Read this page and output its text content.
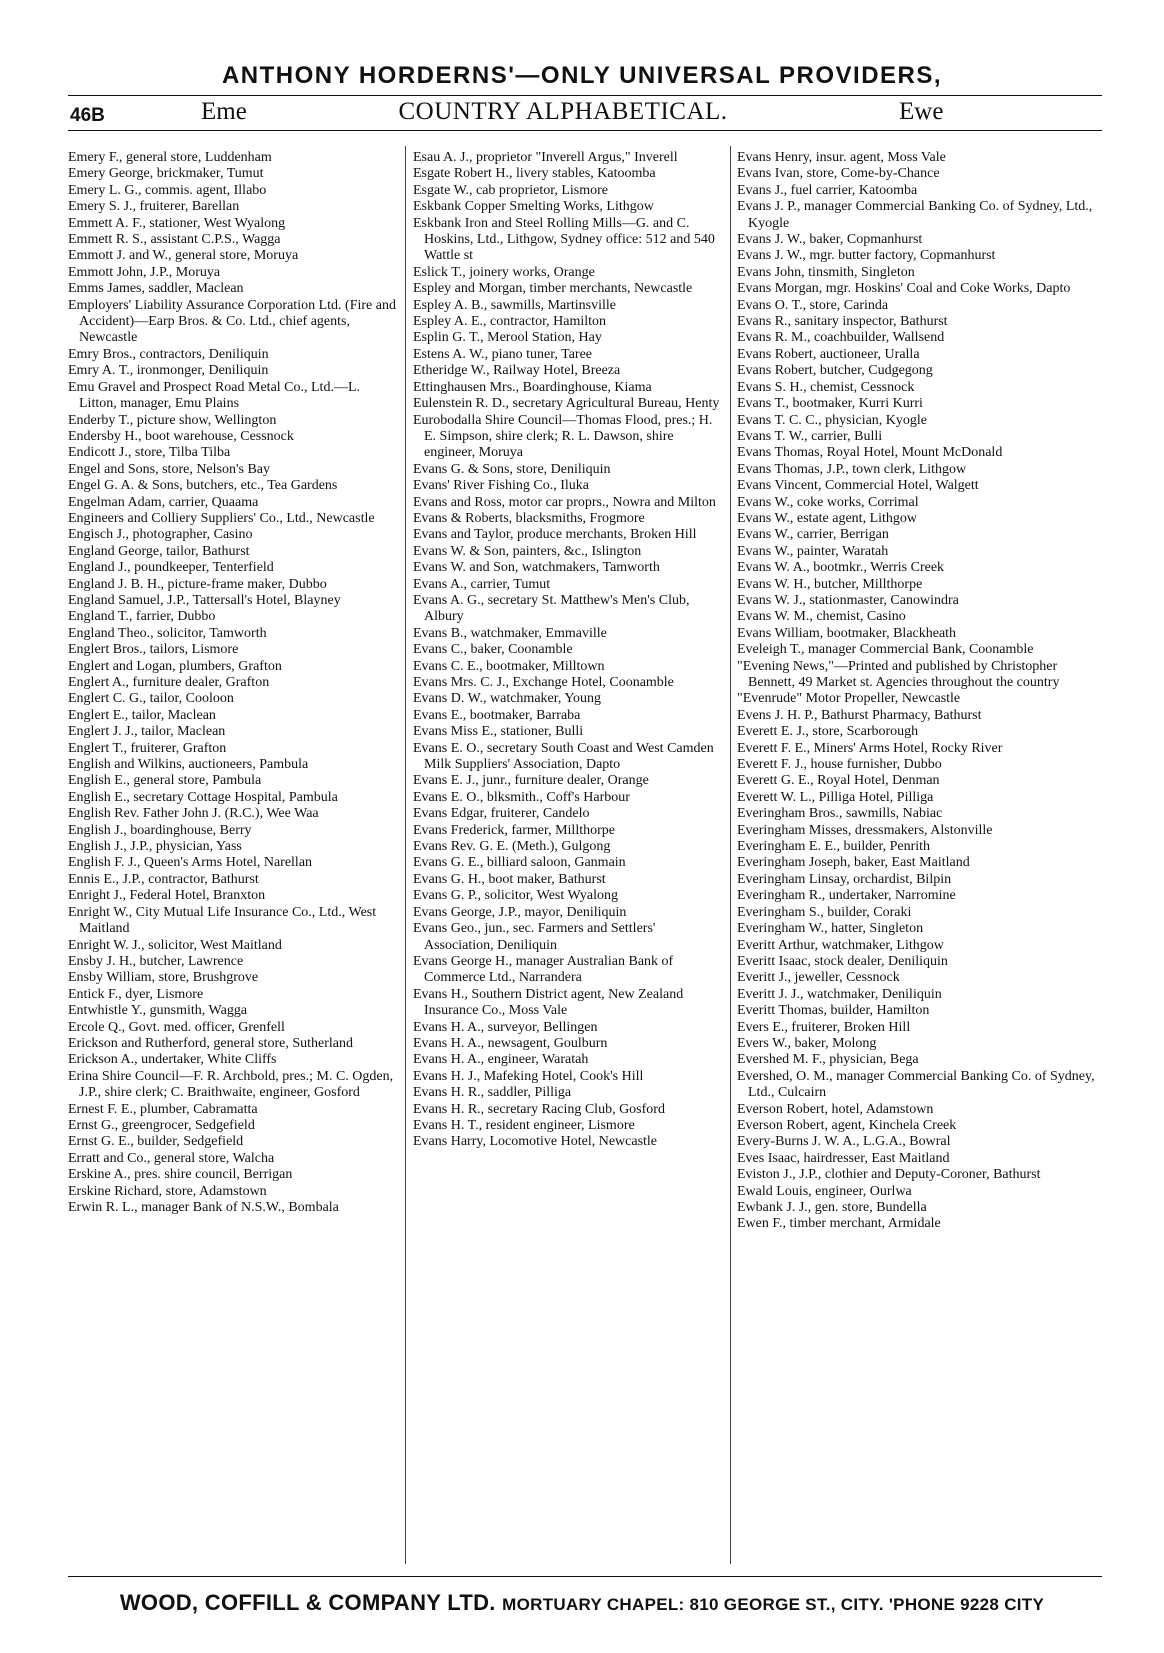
ANTHONY HORDERNS'—ONLY UNIVERSAL PROVIDERS,
46B	Eme	COUNTRY ALPHABETICAL.	Ewe

Emery F., general store, Luddenham

Emery George, brickmaker, Tumut

Emery L. G., commis. agent, Illabo

Emery S. J., fruiterer, Barellan

Emmett A. F., stationer, West Wyalong

Emmett R. S., assistant C.P.S., Wagga

Emmott J. and W., general store, Moruya

Emmott John, J.P., Moruya

Emms James, saddler, Maclean

Employers' Liability Assurance Corporation Ltd. (Fire and Accident)—Earp Bros. & Co. Ltd., chief agents, Newcastle

Emry Bros., contractors, Deniliquin

Emry A. T., ironmonger, Deniliquin

Emu Gravel and Prospect Road Metal Co., Ltd.—L. Litton, manager, Emu Plains

Enderby T., picture show, Wellington

Endersby H., boot warehouse, Cessnock

Endicott J., store, Tilba Tilba

Engel and Sons, store, Nelson's Bay

Engel G. A. & Sons, butchers, etc., Tea Gardens

Engelman Adam, carrier, Quaama

Engineers and Colliery Suppliers' Co., Ltd., Newcastle

Engisch J., photographer, Casino

England George, tailor, Bathurst

England J., poundkeeper, Tenterfield

England J. B. H., picture-frame maker, Dubbo

England Samuel, J.P., Tattersall's Hotel, Blayney

England T., farrier, Dubbo

England Theo., solicitor, Tamworth

Englert Bros., tailors, Lismore

Englert and Logan, plumbers, Grafton

Englert A., furniture dealer, Grafton

Englert C. G., tailor, Cooloon

Englert E., tailor, Maclean

Englert J. J., tailor, Maclean

Englert T., fruiterer, Grafton

English and Wilkins, auctioneers, Pambula

English E., general store, Pambula

English E., secretary Cottage Hospital, Pambula

English Rev. Father John J. (R.C.), Wee Waa

English J., boardinghouse, Berry

English J., J.P., physician, Yass

English F. J., Queen's Arms Hotel, Narellan

Ennis E., J.P., contractor, Bathurst

Enright J., Federal Hotel, Branxton

Enright W., City Mutual Life Insurance Co., Ltd., West Maitland

Enright W. J., solicitor, West Maitland

Ensby J. H., butcher, Lawrence

Ensby William, store, Brushgrove

Entick F., dyer, Lismore

Entwhistle Y., gunsmith, Wagga

Ercole Q., Govt. med. officer, Grenfell

Erickson and Rutherford, general store, Sutherland

Erickson A., undertaker, White Cliffs

Erina Shire Council—F. R. Archbold, pres.; M. C. Ogden, J.P., shire clerk; C. Braithwaite, engineer, Gosford

Ernest F. E., plumber, Cabramatta

Ernst G., greengrocer, Sedgefield

Ernst G. E., builder, Sedgefield

Erratt and Co., general store, Walcha

Erskine A., pres. shire council, Berrigan

Erskine Richard, store, Adamstown

Erwin R. L., manager Bank of N.S.W., Bombala

Esau A. J., proprietor "Inverell Argus," Inverell

Esgate Robert H., livery stables, Katoomba

Esgate W., cab proprietor, Lismore

Eskbank Copper Smelting Works, Lithgow

Eskbank Iron and Steel Rolling Mills—G. and C. Hoskins, Ltd., Lithgow, Sydney office: 512 and 540 Wattle st

Eslick T., joinery works, Orange

Espley and Morgan, timber merchants, Newcastle

Espley A. B., sawmills, Martinsville

Espley A. E., contractor, Hamilton

Esplin G. T., Merool Station, Hay

Estens A. W., piano tuner, Taree

Etheridge W., Railway Hotel, Breeza

Ettinghausen Mrs., Boardinghouse, Kiama

Eulenstein R. D., secretary Agricultural Bureau, Henty

Eurobodalla Shire Council—Thomas Flood, pres.; H. E. Simpson, shire clerk; R. L. Dawson, shire engineer, Moruya

Evans G. & Sons, store, Deniliquin

Evans' River Fishing Co., Iluka

Evans and Ross, motor car proprs., Nowra and Milton

Evans & Roberts, blacksmiths, Frogmore

Evans and Taylor, produce merchants, Broken Hill

Evans W. & Son, painters, &c., Islington

Evans W. and Son, watchmakers, Tamworth

Evans A., carrier, Tumut

Evans A. G., secretary St. Matthew's Men's Club, Albury

Evans B., watchmaker, Emmaville

Evans C., baker, Coonamble

Evans C. E., bootmaker, Milltown

Evans Mrs. C. J., Exchange Hotel, Coonamble

Evans D. W., watchmaker, Young

Evans E., bootmaker, Barraba

Evans Miss E., stationer, Bulli

Evans E. O., secretary South Coast and West Camden Milk Suppliers' Association, Dapto

Evans E. J., junr., furniture dealer, Orange

Evans E. O., blksmith., Coff's Harbour

Evans Edgar, fruiterer, Candelo

Evans Frederick, farmer, Millthorpe

Evans Rev. G. E. (Meth.), Gulgong

Evans G. E., billiard saloon, Ganmain

Evans G. H., boot maker, Bathurst

Evans G. P., solicitor, West Wyalong

Evans George, J.P., mayor, Deniliquin

Evans Geo., jun., sec. Farmers and Settlers' Association, Deniliquin

Evans George H., manager Australian Bank of Commerce Ltd., Narrandera

Evans H., Southern District agent, New Zealand Insurance Co., Moss Vale

Evans H. A., surveyor, Bellingen

Evans H. A., newsagent, Goulburn

Evans H. A., engineer, Waratah

Evans H. J., Mafeking Hotel, Cook's Hill

Evans H. R., saddler, Pilliga

Evans H. R., secretary Racing Club, Gosford

Evans H. T., resident engineer, Lismore

Evans Harry, Locomotive Hotel, Newcastle

Evans Henry, insur. agent, Moss Vale

Evans Ivan, store, Come-by-Chance

Evans J., fuel carrier, Katoomba

Evans J. P., manager Commercial Banking Co. of Sydney, Ltd., Kyogle

Evans J. W., baker, Copmanhurst

Evans J. W., mgr. butter factory, Copmanhurst

Evans John, tinsmith, Singleton

Evans Morgan, mgr. Hoskins' Coal and Coke Works, Dapto

Evans O. T., store, Carinda

Evans R., sanitary inspector, Bathurst

Evans R. M., coachbuilder, Wallsend

Evans Robert, auctioneer, Uralla

Evans Robert, butcher, Cudgegong

Evans S. H., chemist, Cessnock

Evans T., bootmaker, Kurri Kurri

Evans T. C. C., physician, Kyogle

Evans T. W., carrier, Bulli

Evans Thomas, Royal Hotel, Mount McDonald

Evans Thomas, J.P., town clerk, Lithgow

Evans Vincent, Commercial Hotel, Walgett

Evans W., coke works, Corrimal

Evans W., estate agent, Lithgow

Evans W., carrier, Berrigan

Evans W., painter, Waratah

Evans W. A., bootmkr., Werris Creek

Evans W. H., butcher, Millthorpe

Evans W. J., stationmaster, Canowindra

Evans W. M., chemist, Casino

Evans William, bootmaker, Blackheath

Eveleigh T., manager Commercial Bank, Coonamble

"Evening News,"—Printed and published by Christopher Bennett, 49 Market st. Agencies throughout the country

"Evenrude" Motor Propeller, Newcastle

Evens J. H. P., Bathurst Pharmacy, Bathurst

Everett E. J., store, Scarborough

Everett F. E., Miners' Arms Hotel, Rocky River

Everett F. J., house furnisher, Dubbo

Everett G. E., Royal Hotel, Denman

Everett W. L., Pilliga Hotel, Pilliga

Everingham Bros., sawmills, Nabiac

Everingham Misses, dressmakers, Alstonville

Everingham E. E., builder, Penrith

Everingham Joseph, baker, East Maitland

Everingham Linsay, orchardist, Bilpin

Everingham R., undertaker, Narromine

Everingham S., builder, Coraki

Everingham W., hatter, Singleton

Everitt Arthur, watchmaker, Lithgow

Everitt Isaac, stock dealer, Deniliquin

Everitt J., jeweller, Cessnock

Everitt J. J., watchmaker, Deniliquin

Everitt Thomas, builder, Hamilton

Evers E., fruiterer, Broken Hill

Evers W., baker, Molong

Evershed M. F., physician, Bega

Evershed, O. M., manager Commercial Banking Co. of Sydney, Ltd., Culcairn

Everson Robert, hotel, Adamstown

Everson Robert, agent, Kinchela Creek

Every-Burns J. W. A., L.G.A., Bowral

Eves Isaac, hairdresser, East Maitland

Eviston J., J.P., clothier and Deputy-Coroner, Bathurst

Ewald Louis, engineer, Ourlwa

Ewbank J. J., gen. store, Bundella

Ewen F., timber merchant, Armidale

WOOD, COFFILL & COMPANY LTD. MORTUARY CHAPEL: 810 GEORGE ST., CITY. 'PHONE 9228 CITY
